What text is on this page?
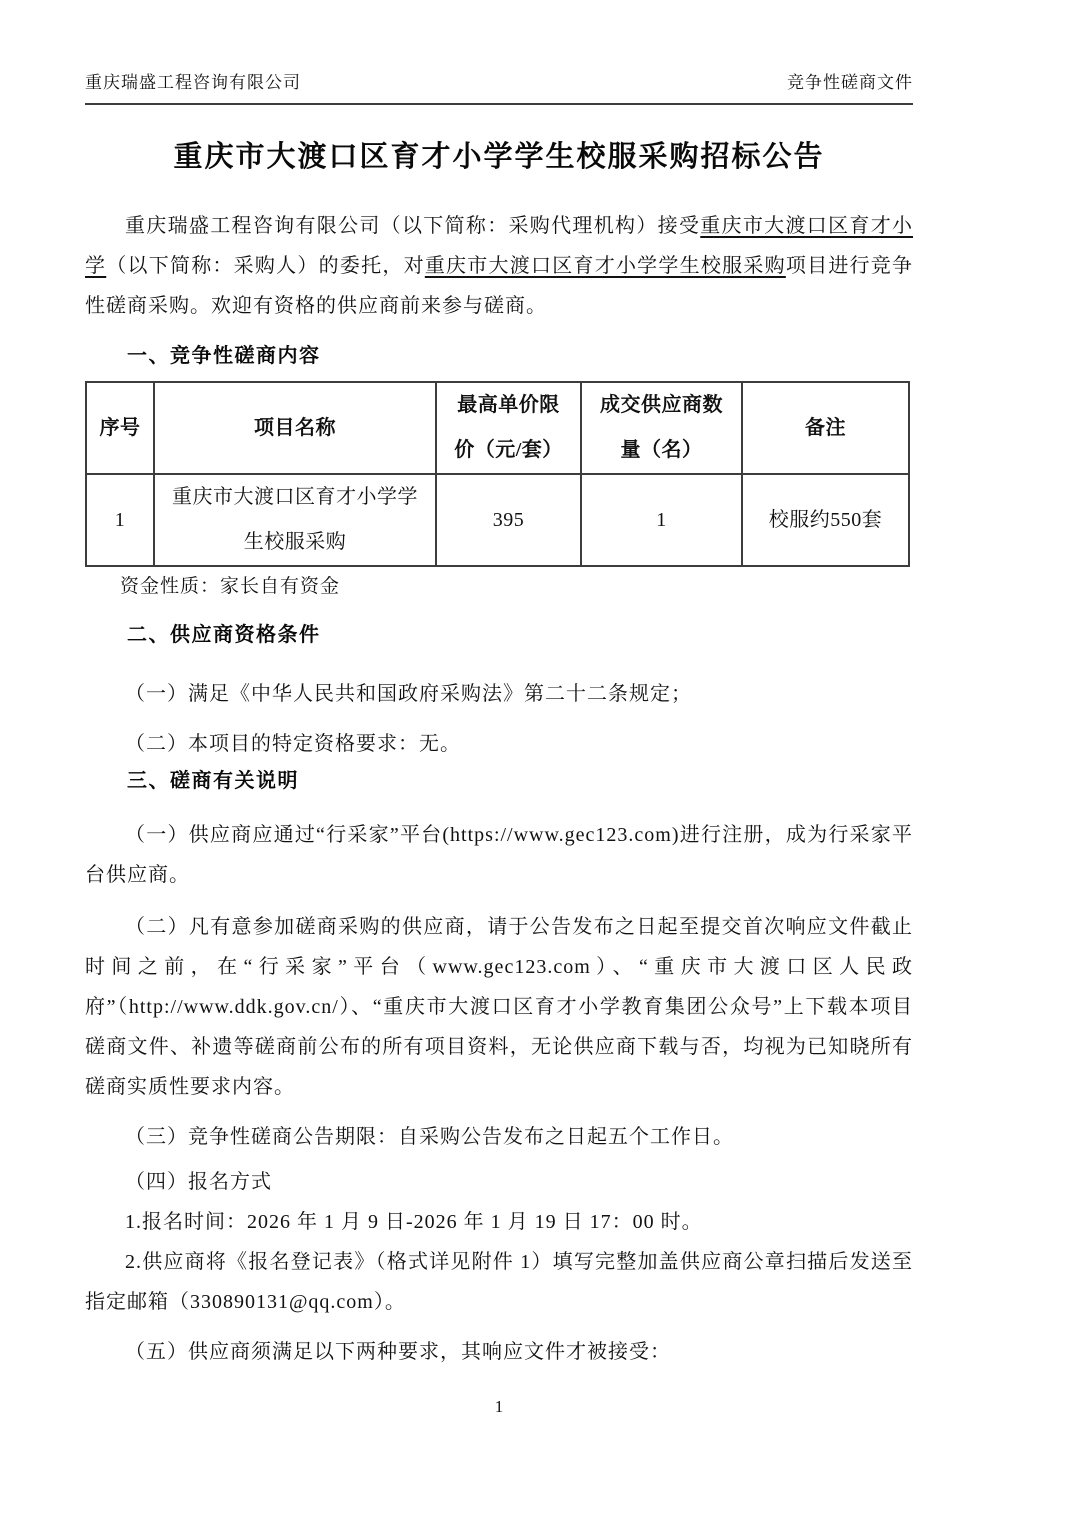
重庆瑞盛工程咨询有限公司	竞争性磋商文件
重庆市大渡口区育才小学学生校服采购招标公告

重庆瑞盛工程咨询有限公司（以下简称：采购代理机构）接受重庆市大渡口区育才小学（以下简称：采购人）的委托，对重庆市大渡口区育才小学学生校服采购项目进行竞争性磋商采购。欢迎有资格的供应商前来参与磋商。

一、竞争性磋商内容
序号	项目名称	最高单价限价（元/套）	成交供应商数量（名）	备注
1	重庆市大渡口区育才小学学生校服采购	395	1	校服约550套

资金性质：家长自有资金

二、供应商资格条件

（一）满足《中华人民共和国政府采购法》第二十二条规定；

（二）本项目的特定资格要求：无。

三、磋商有关说明

（一）供应商应通过“行采家”平台(https://www.gec123.com)进行注册，成为行采家平台供应商。

（二）凡有意参加磋商采购的供应商，请于公告发布之日起至提交首次响应文件截止时间之前，在“行采家”平台（www.gec123.com）、“重庆市大渡口区人民政府”（http://www.ddk.gov.cn/）、“重庆市大渡口区育才小学教育集团公众号”上下载本项目磋商文件、补遗等磋商前公布的所有项目资料，无论供应商下载与否，均视为已知晓所有磋商实质性要求内容。

（三）竞争性磋商公告期限：自采购公告发布之日起五个工作日。

（四）报名方式

1.报名时间：2026 年 1 月 9 日-2026 年 1 月 19 日 17：00 时。

2.供应商将《报名登记表》（格式详见附件 1）填写完整加盖供应商公章扫描后发送至指定邮箱（330890131@qq.com）。

（五）供应商须满足以下两种要求，其响应文件才被接受：

1
